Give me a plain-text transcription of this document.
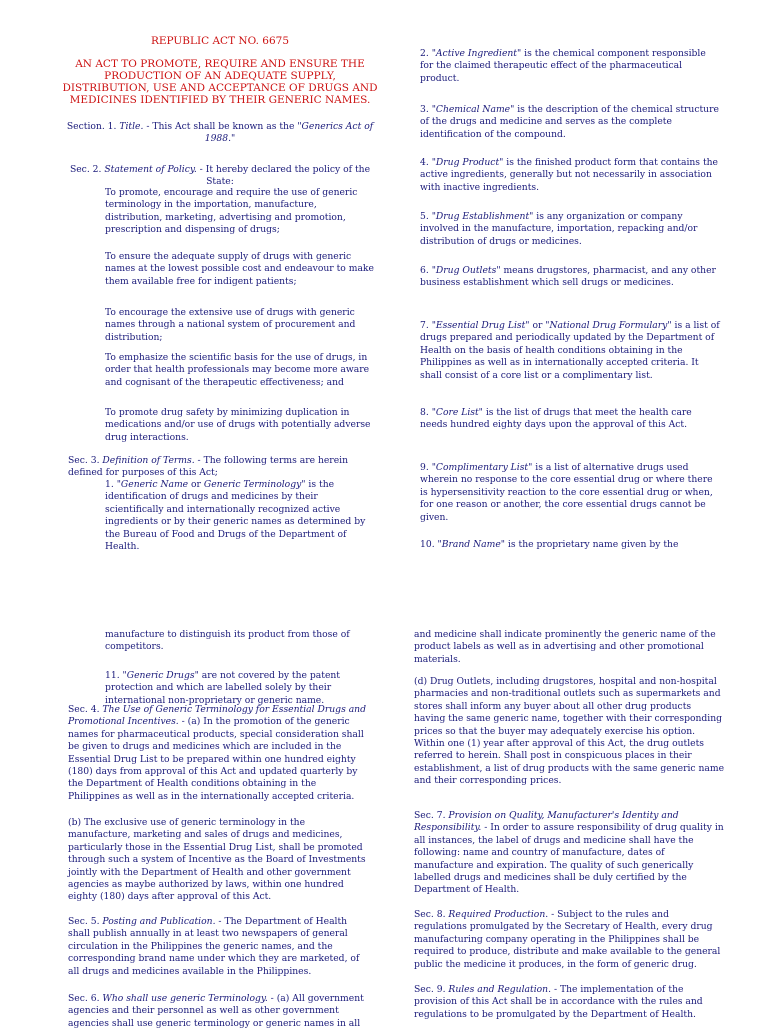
REPUBLIC ACT NO. 6675
AN ACT TO PROMOTE, REQUIRE AND ENSURE THE PRODUCTION OF AN ADEQUATE SUPPLY, DISTRIBUTION, USE AND ACCEPTANCE OF DRUGS AND MEDICINES IDENTIFIED BY THEIR GENERIC NAMES.
Section. 1. Title. - This Act shall be known as the "Generics Act of 1988."
Sec. 2. Statement of Policy. - It hereby declared the policy of the State:
To promote, encourage and require the use of generic terminology in the importation, manufacture, distribution, marketing, advertising and promotion, prescription and dispensing of drugs;
To ensure the adequate supply of drugs with generic names at the lowest possible cost and endeavour to make them available free for indigent patients;
To encourage the extensive use of drugs with generic names through a national system of procurement and distribution;
To emphasize the scientific basis for the use of drugs, in order that health professionals may become more aware and cognisant of the therapeutic effectiveness; and
To promote drug safety by minimizing duplication in medications and/or use of drugs with potentially adverse drug interactions.
Sec. 3. Definition of Terms. - The following terms are herein defined for purposes of this Act;
1. "Generic Name or Generic Terminology" is the identification of drugs and medicines by their scientifically and internationally recognized active ingredients or by their generic names as determined by the Bureau of Food and Drugs of the Department of Health.
2. "Active Ingredient" is the chemical component responsible for the claimed therapeutic effect of the pharmaceutical product.
3. "Chemical Name" is the description of the chemical structure of the drugs and medicine and serves as the complete identification of the compound.
4. "Drug Product" is the finished product form that contains the active ingredients, generally but not necessarily in association with inactive ingredients.
5. "Drug Establishment" is any organization or company involved in the manufacture, importation, repacking and/or distribution of drugs or medicines.
6. "Drug Outlets" means drugstores, pharmacist, and any other business establishment which sell drugs or medicines.
7. "Essential Drug List" or "National Drug Formulary" is a list of drugs prepared and periodically updated by the Department of Health on the basis of health conditions obtaining in the Philippines as well as in internationally accepted criteria. It shall consist of a core list or a complimentary list.
8. "Core List" is the list of drugs that meet the health care needs hundred eighty days upon the approval of this Act.
9. "Complimentary List" is a list of alternative drugs used wherein no response to the core essential drug or where there is hypersensitivity reaction to the core essential drug or when, for one reason or another, the core essential drugs cannot be given.
10. "Brand Name" is the proprietary name given by the
manufacture to distinguish its product from those of competitors.
11. "Generic Drugs" are not covered by the patent protection and which are labelled solely by their international non-proprietary or generic name.
Sec. 4. The Use of Generic Terminology for Essential Drugs and Promotional Incentives. - (a) In the promotion of the generic names for pharmaceutical products, special consideration shall be given to drugs and medicines which are included in the Essential Drug List to be prepared within one hundred eighty (180) days from approval of this Act and updated quarterly by the Department of Health conditions obtaining in the Philippines as well as in the internationally accepted criteria.
(b) The exclusive use of generic terminology in the manufacture, marketing and sales of drugs and medicines, particularly those in the Essential Drug List, shall be promoted through such a system of Incentive as the Board of Investments jointly with the Department of Health and other government agencies as maybe authorized by laws, within one hundred eighty (180) days after approval of this Act.
Sec. 5. Posting and Publication. - The Department of Health shall publish annually in at least two newspapers of general circulation in the Philippines the generic names, and the corresponding brand name under which they are marketed, of all drugs and medicines available in the Philippines.
Sec. 6. Who shall use generic Terminology. - (a) All government agencies and their personnel as well as other government agencies shall use generic terminology or generic names in all
and medicine shall indicate prominently the generic name of the product labels as well as in advertising and other promotional materials.
(d) Drug Outlets, including drugstores, hospital and non-hospital pharmacies and non-traditional outlets such as supermarkets and stores shall inform any buyer about all other drug products having the same generic name, together with their corresponding prices so that the buyer may adequately exercise his option. Within one (1) year after approval of this Act, the drug outlets referred to herein. Shall post in conspicuous places in their establishment, a list of drug products with the same generic name and their corresponding prices.
Sec. 7. Provision on Quality, Manufacturer's Identity and Responsibility. - In order to assure responsibility of drug quality in all instances, the label of drugs and medicine shall have the following: name and country of manufacture, dates of manufacture and expiration. The quality of such generically labelled drugs and medicines shall be duly certified by the Department of Health.
Sec. 8. Required Production. - Subject to the rules and regulations promulgated by the Secretary of Health, every drug manufacturing company operating in the Philippines shall be required to produce, distribute and make available to the general public the medicine it produces, in the form of generic drug.
Sec. 9. Rules and Regulation. - The implementation of the provision of this Act shall be in accordance with the rules and regulations to be promulgated by the Department of Health.
